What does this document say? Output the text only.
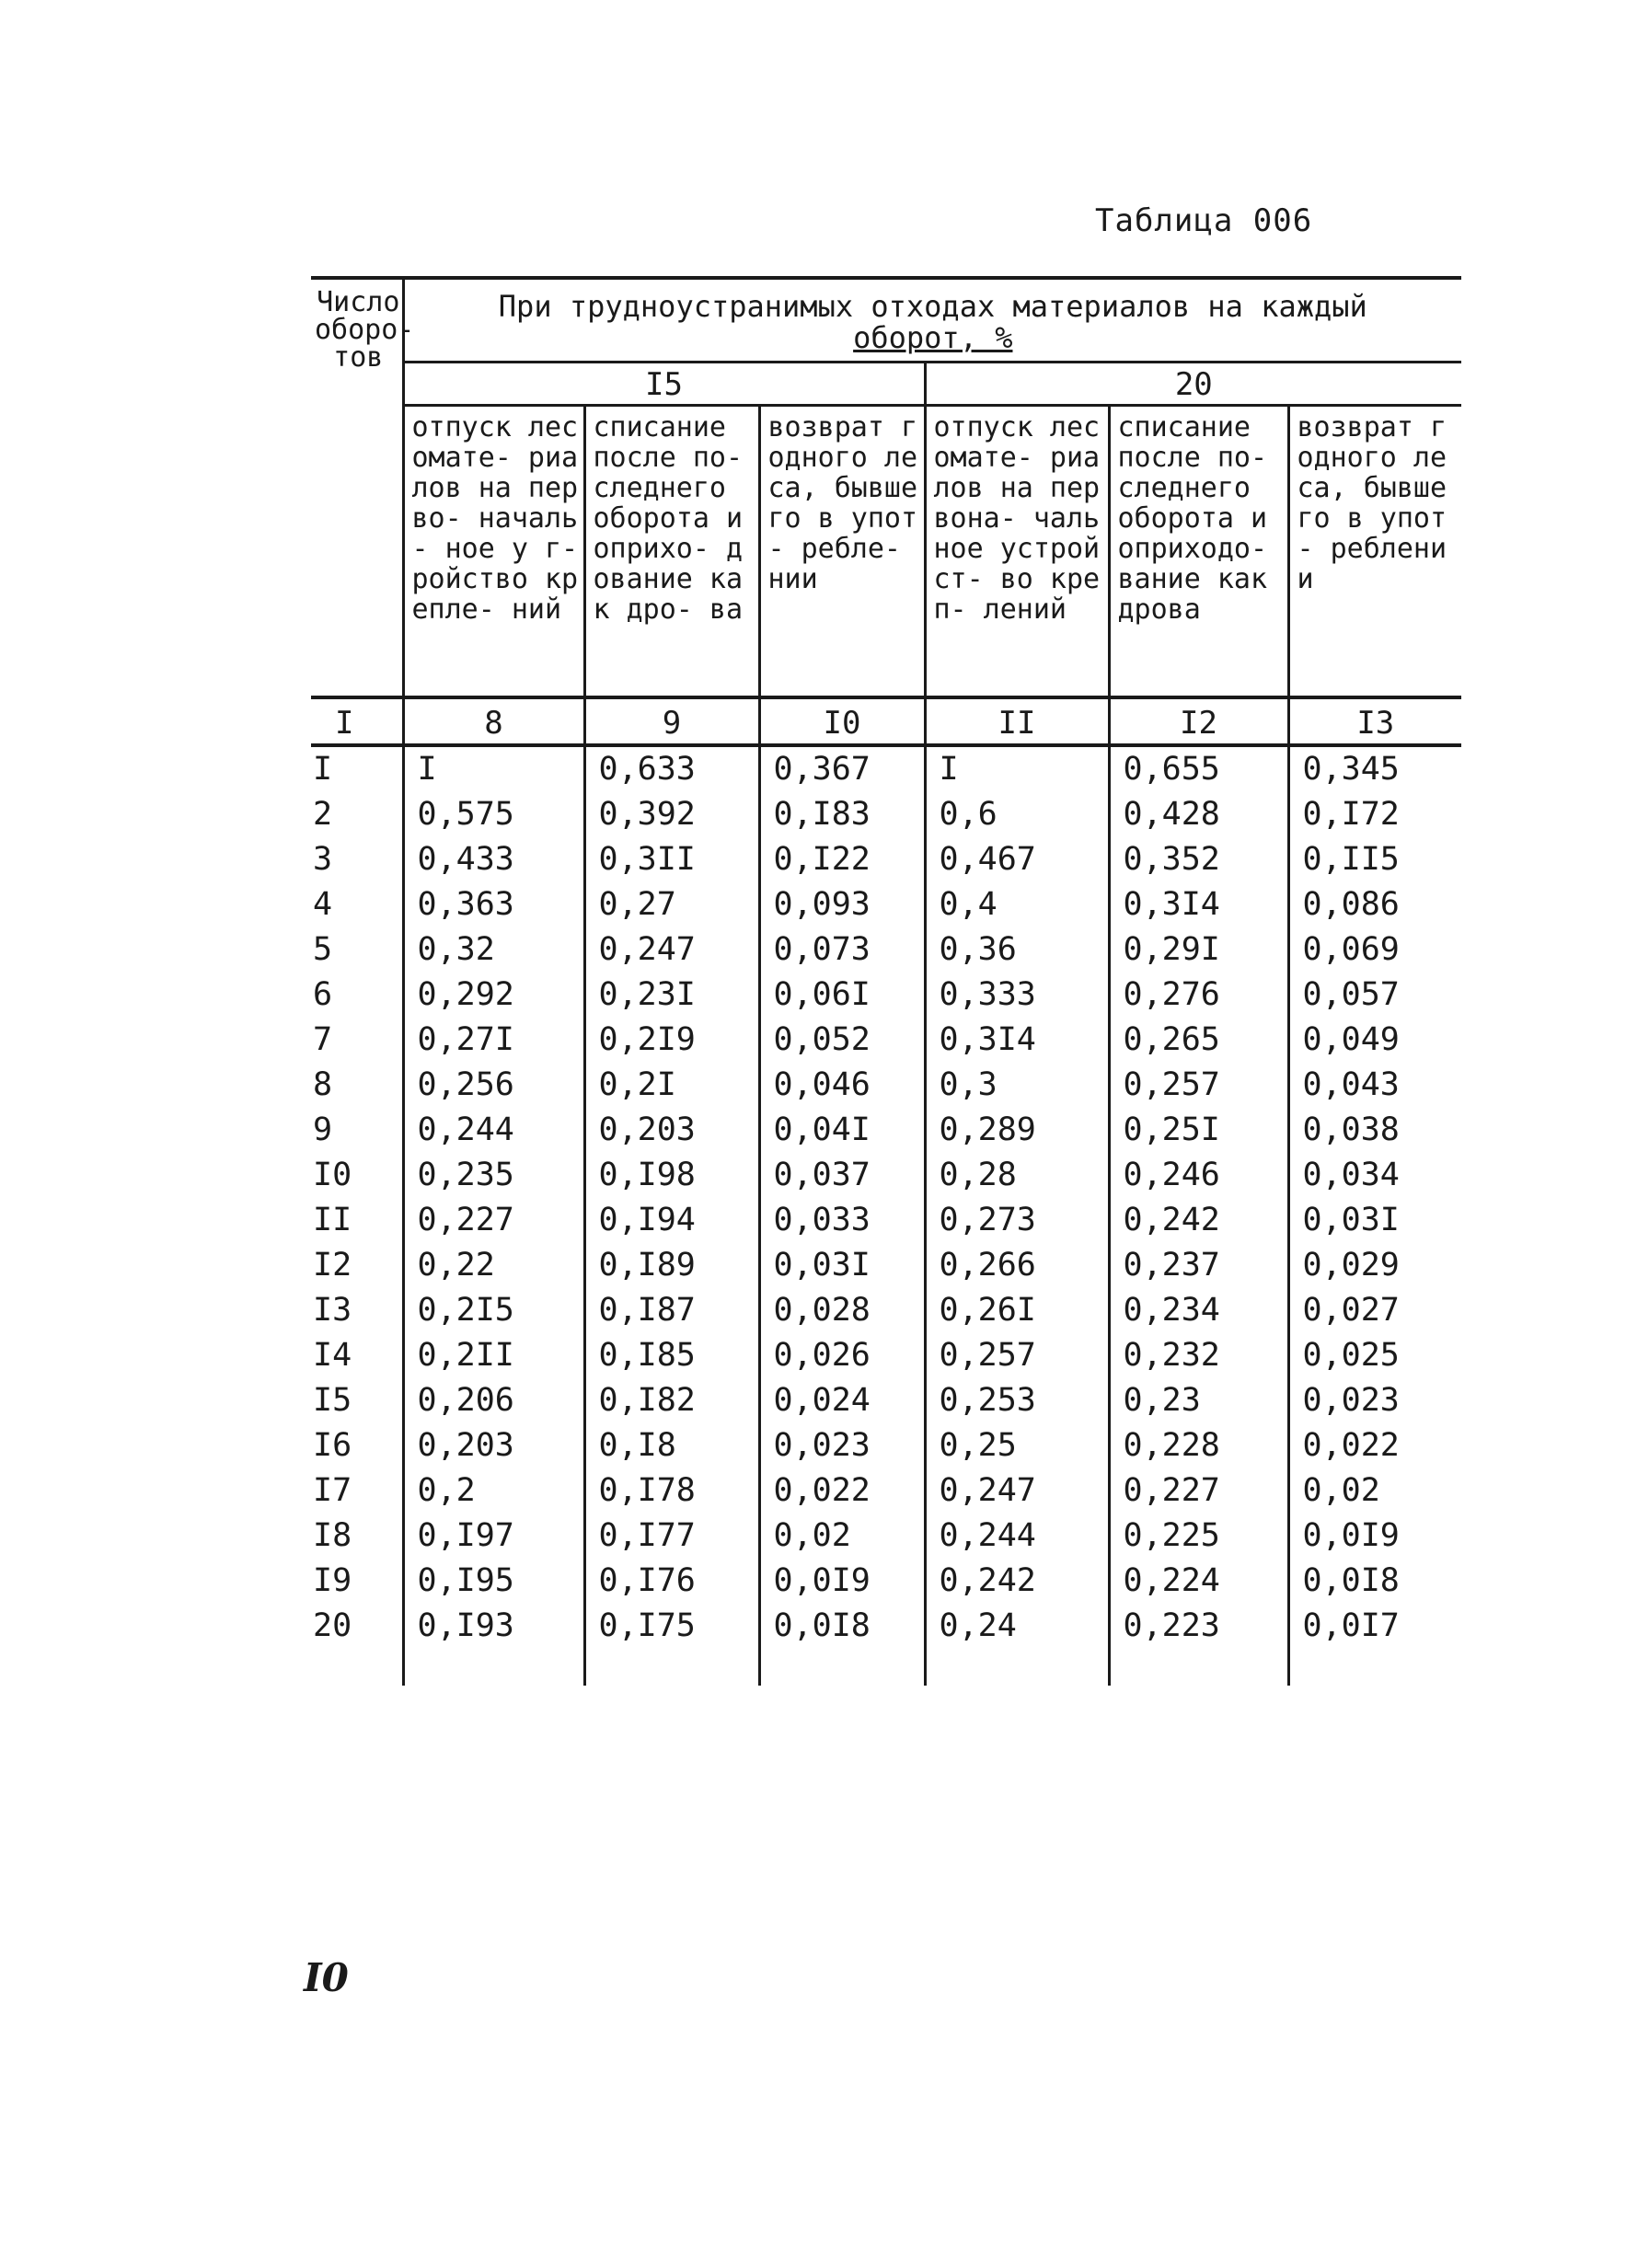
Таблица 006
Число оборо- тов	При трудноустранимых отходах материалов на каждый
оборот, %					

	I5			20		
	отпуск лесомате- риалов на перво- началь- ное у г- ройство крепле- ний	списание после по- следнего оборота и оприхо- дование как дро- ва	возврат годного леса, бывшего в упот- ребле- нии	отпуск лесомате- риалов на первона- чальное устройст- во креп- лений	списание после по- следнего оборота и оприходо- вание как дрова	возврат годного леса, бывшего в упот- реблении
I	8	9	I0	II	I2	I3
I	I	0,633	0,367	I	0,655	0,345
2	0,575	0,392	0,I83	0,6	0,428	0,I72
3	0,433	0,3II	0,I22	0,467	0,352	0,II5
4	0,363	0,27	0,093	0,4	0,3I4	0,086
5	0,32	0,247	0,073	0,36	0,29I	0,069
6	0,292	0,23I	0,06I	0,333	0,276	0,057
7	0,27I	0,2I9	0,052	0,3I4	0,265	0,049
8	0,256	0,2I	0,046	0,3	0,257	0,043
9	0,244	0,203	0,04I	0,289	0,25I	0,038
I0	0,235	0,I98	0,037	0,28	0,246	0,034
II	0,227	0,I94	0,033	0,273	0,242	0,03I
I2	0,22	0,I89	0,03I	0,266	0,237	0,029
I3	0,2I5	0,I87	0,028	0,26I	0,234	0,027
I4	0,2II	0,I85	0,026	0,257	0,232	0,025
I5	0,206	0,I82	0,024	0,253	0,23	0,023
I6	0,203	0,I8	0,023	0,25	0,228	0,022
I7	0,2	0,I78	0,022	0,247	0,227	0,02
I8	0,I97	0,I77	0,02	0,244	0,225	0,0I9
I9	0,I95	0,I76	0,0I9	0,242	0,224	0,0I8
20	0,I93	0,I75	0,0I8	0,24	0,223	0,0I7

I0
